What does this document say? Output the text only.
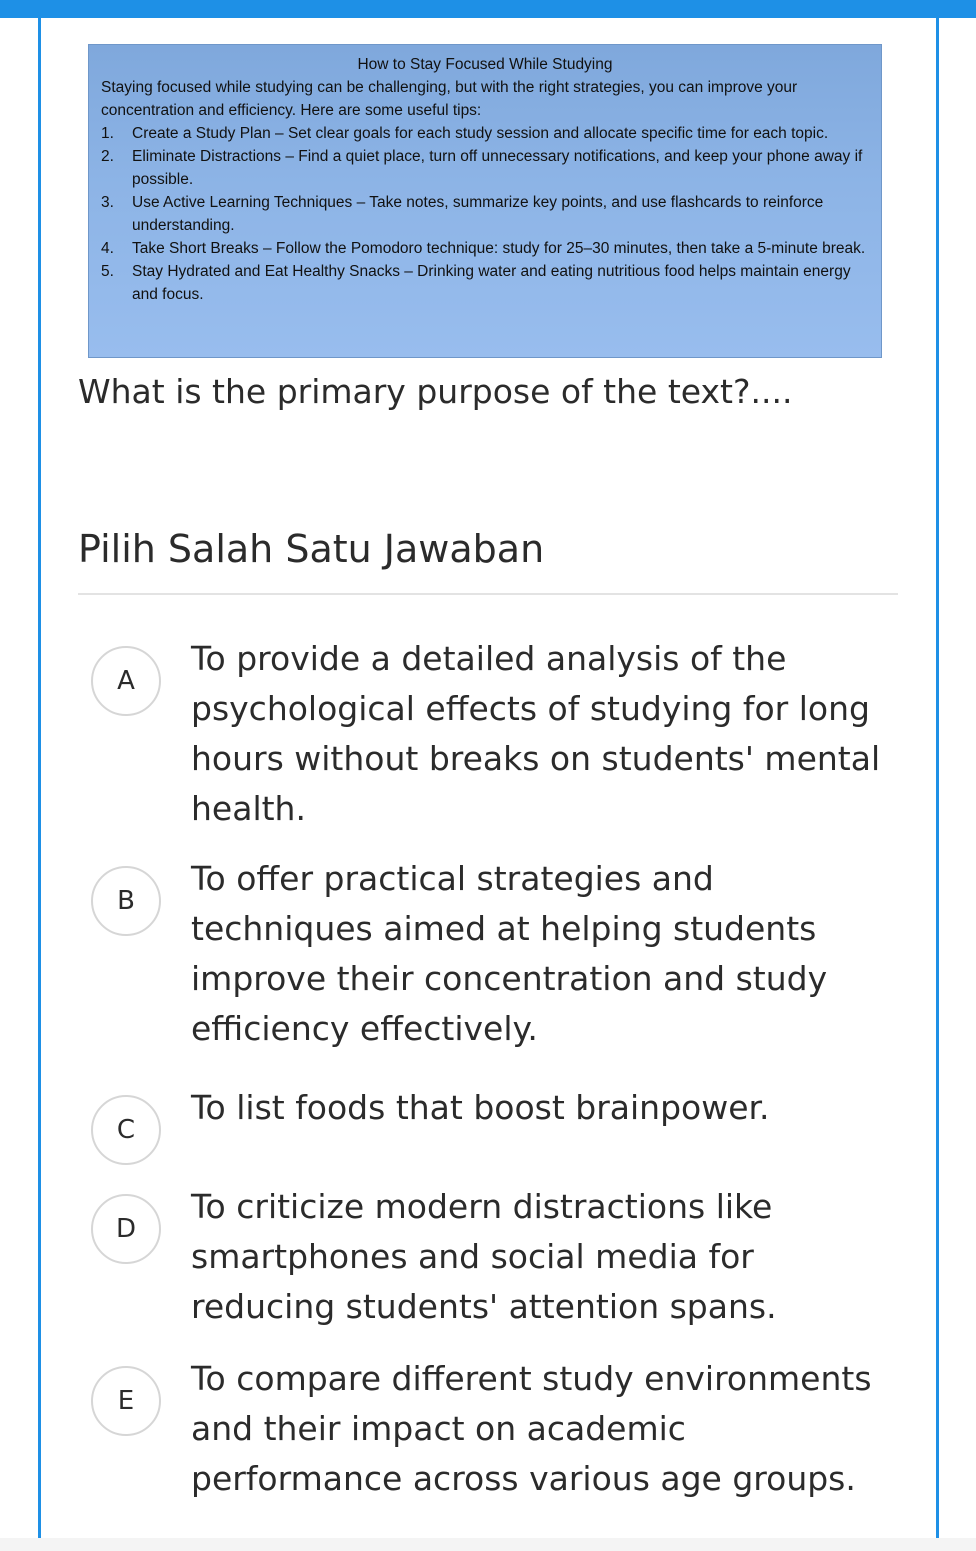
How to Stay Focused While Studying

Staying focused while studying can be challenging, but with the right strategies, you can improve your concentration and efficiency. Here are some useful tips:

1. Create a Study Plan – Set clear goals for each study session and allocate specific time for each topic.
2. Eliminate Distractions – Find a quiet place, turn off unnecessary notifications, and keep your phone away if possible.
3. Use Active Learning Techniques – Take notes, summarize key points, and use flashcards to reinforce understanding.
4. Take Short Breaks – Follow the Pomodoro technique: study for 25–30 minutes, then take a 5-minute break.
5. Stay Hydrated and Eat Healthy Snacks – Drinking water and eating nutritious food helps maintain energy and focus.
What is the primary purpose of the text?....
Pilih Salah Satu Jawaban
A
To provide a detailed analysis of the psychological effects of studying for long hours without breaks on students' mental health.
B
To offer practical strategies and techniques aimed at helping students improve their concentration and study efficiency effectively.
C
To list foods that boost brainpower.
D
To criticize modern distractions like smartphones and social media for reducing students' attention spans.
E
To compare different study environments and their impact on academic performance across various age groups.
